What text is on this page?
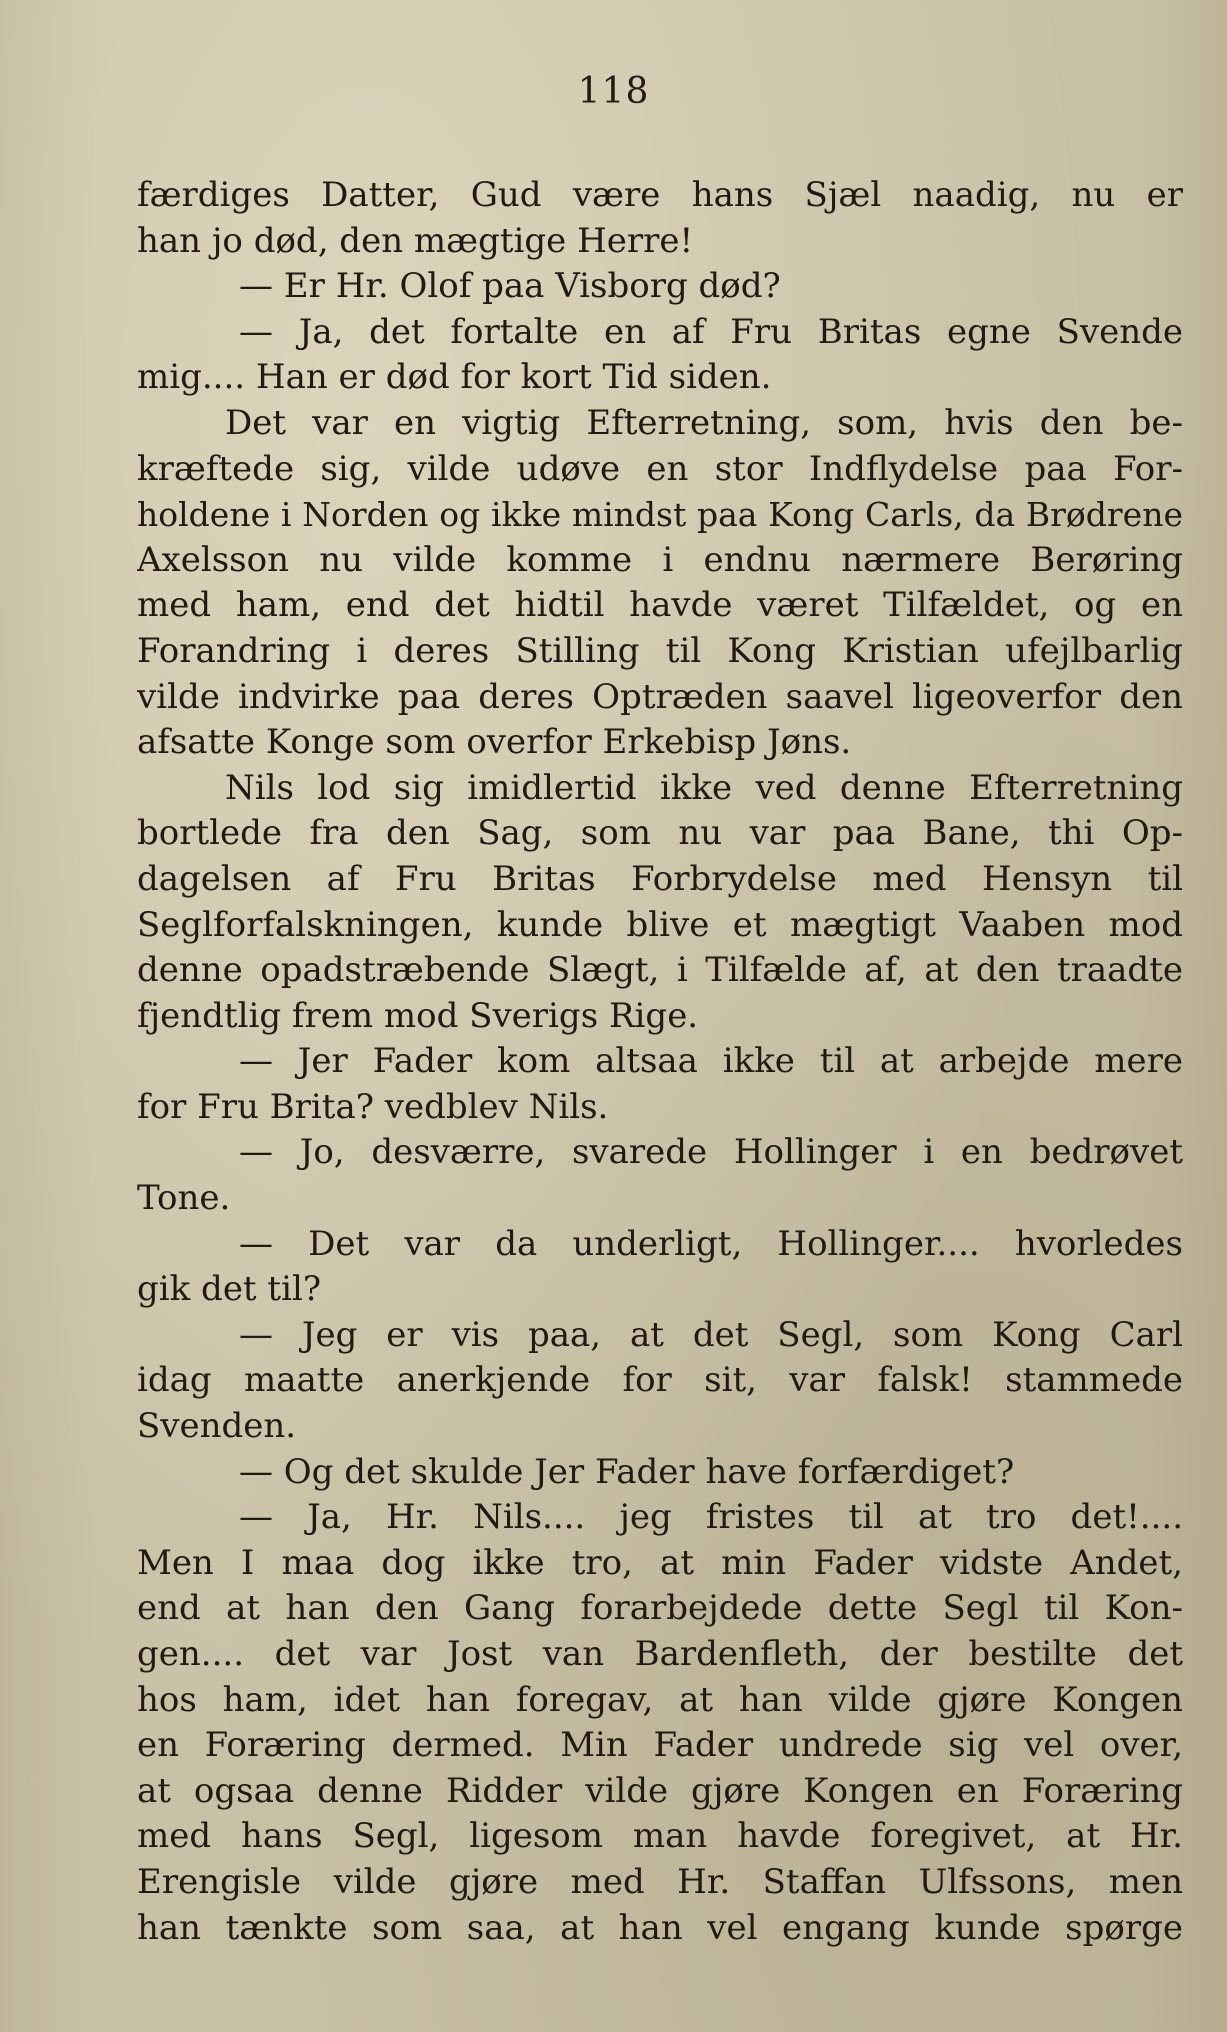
118
færdiges Datter, Gud være hans Sjæl naadig, nu er
han jo død, den mægtige Herre!
— Er Hr. Olof paa Visborg død?
— Ja, det fortalte en af Fru Britas egne Svende
mig.... Han er død for kort Tid siden.
Det var en vigtig Efterretning, som, hvis den be-
kræftede sig, vilde udøve en stor Indflydelse paa For-
holdene i Norden og ikke mindst paa Kong Carls, da Brødrene
Axelsson nu vilde komme i endnu nærmere Berøring
med ham, end det hidtil havde været Tilfældet, og en
Forandring i deres Stilling til Kong Kristian ufejlbarlig
vilde indvirke paa deres Optræden saavel ligeoverfor den
afsatte Konge som overfor Erkebisp Jøns.
Nils lod sig imidlertid ikke ved denne Efterretning
bortlede fra den Sag, som nu var paa Bane, thi Op-
dagelsen af Fru Britas Forbrydelse med Hensyn til
Seglforfalskningen, kunde blive et mægtigt Vaaben mod
denne opadstræbende Slægt, i Tilfælde af, at den traadte
fjendtlig frem mod Sverigs Rige.
— Jer Fader kom altsaa ikke til at arbejde mere
for Fru Brita? vedblev Nils.
— Jo, desværre, svarede Hollinger i en bedrøvet
Tone.
— Det var da underligt, Hollinger.... hvorledes
gik det til?
— Jeg er vis paa, at det Segl, som Kong Carl
idag maatte anerkjende for sit, var falsk! stammede
Svenden.
— Og det skulde Jer Fader have forfærdiget?
— Ja, Hr. Nils.... jeg fristes til at tro det!....
Men I maa dog ikke tro, at min Fader vidste Andet,
end at han den Gang forarbejdede dette Segl til Kon-
gen.... det var Jost van Bardenfleth, der bestilte det
hos ham, idet han foregav, at han vilde gjøre Kongen
en Foræring dermed. Min Fader undrede sig vel over,
at ogsaa denne Ridder vilde gjøre Kongen en Foræring
med hans Segl, ligesom man havde foregivet, at Hr.
Erengisle vilde gjøre med Hr. Staffan Ulfssons, men
han tænkte som saa, at han vel engang kunde spørge
